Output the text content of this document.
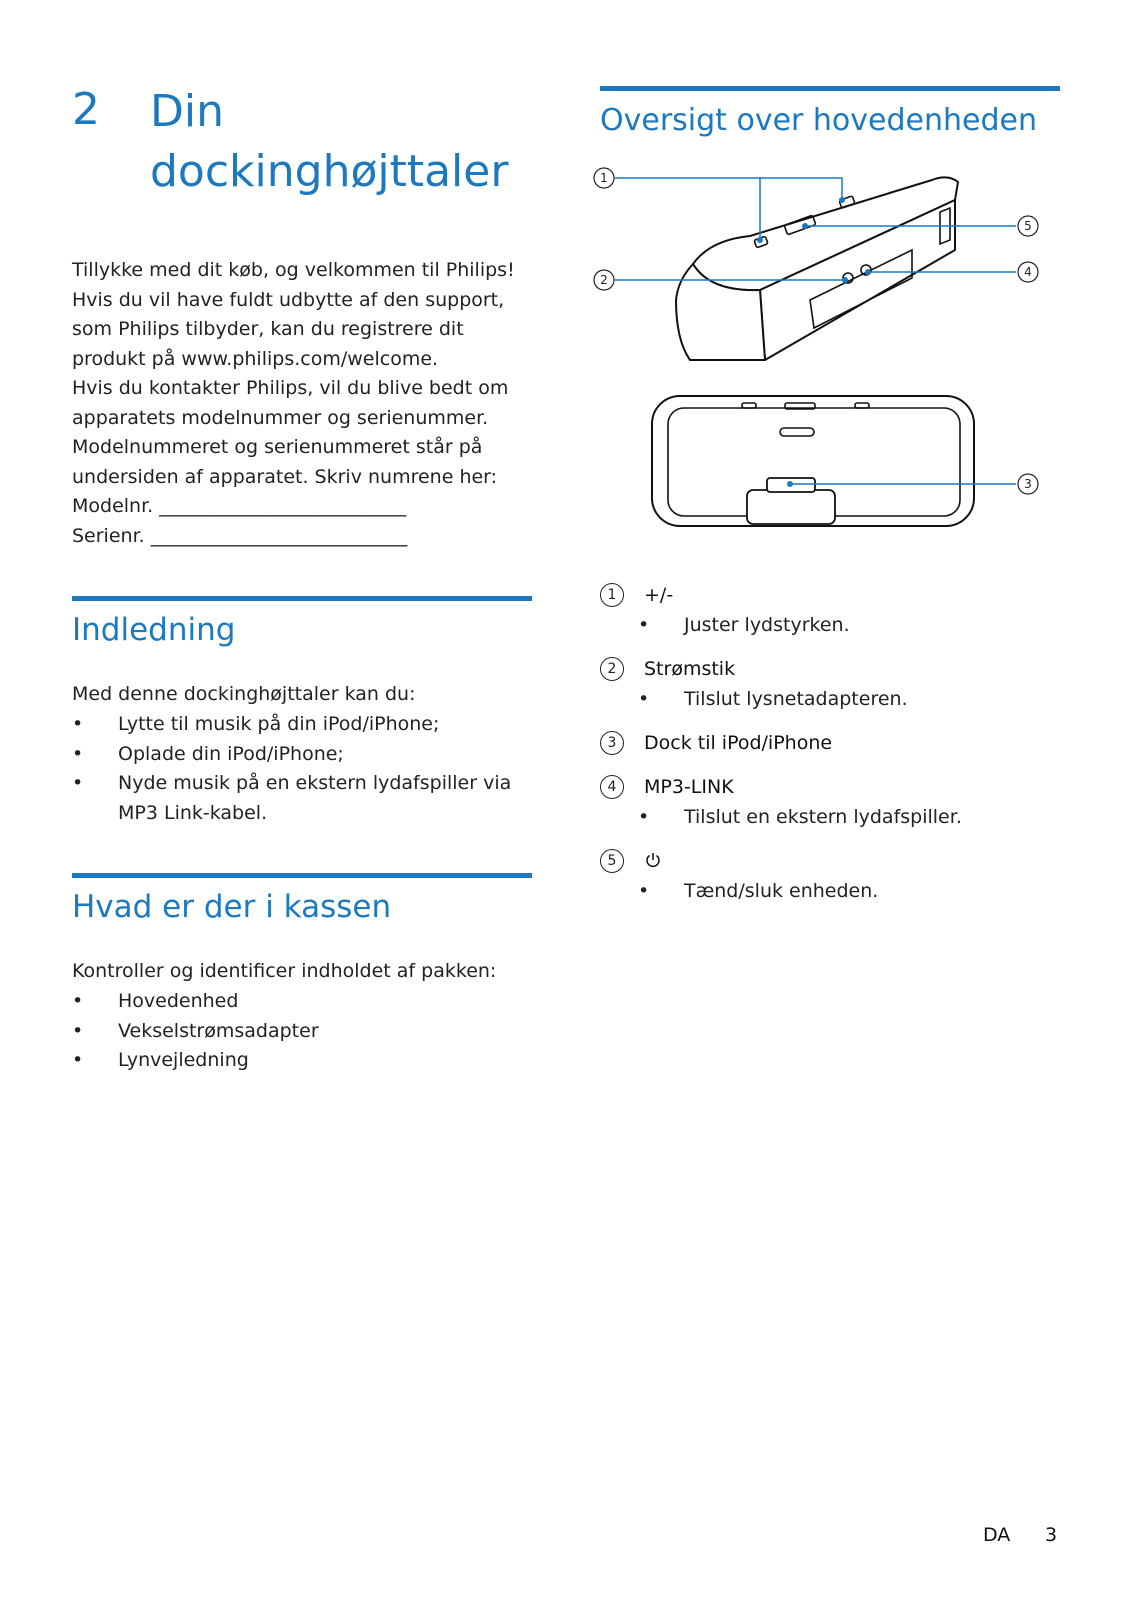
2 Din dockinghøjttaler

Tillykke med dit køb, og velkommen til Philips!

Hvis du vil have fuldt udbytte af den support,

som Philips tilbyder, kan du registrere dit

produkt på www.philips.com/welcome.

Hvis du kontakter Philips, vil du blive bedt om

apparatets modelnummer og serienummer.

Modelnummeret og serienummeret står på

undersiden af apparatet. Skriv numrene her:

Modelnr. __________________________

Serienr. ___________________________

Indledning
Med denne dockinghøjttaler kan du:
• Lytte til musik på din iPod/iPhone;
• Oplade din iPod/iPhone;
• Nyde musik på en ekstern lydafspiller via MP3 Link-kabel.
Hvad er der i kassen
Kontroller og identificer indholdet af pakken:
• Hovedenhed
• Vekselstrømsadapter
• Lynvejledning
Oversigt over hovedenheden
1
2
3
4
5
1	+/-
• Juster lydstyrken.
2	Strømstik
• Tilslut lysnetadapteren.
3	Dock til iPod/iPhone
4	MP3-LINK
• Tilslut en ekstern lydafspiller.
5
• Tænd/sluk enheden.
DA 3
